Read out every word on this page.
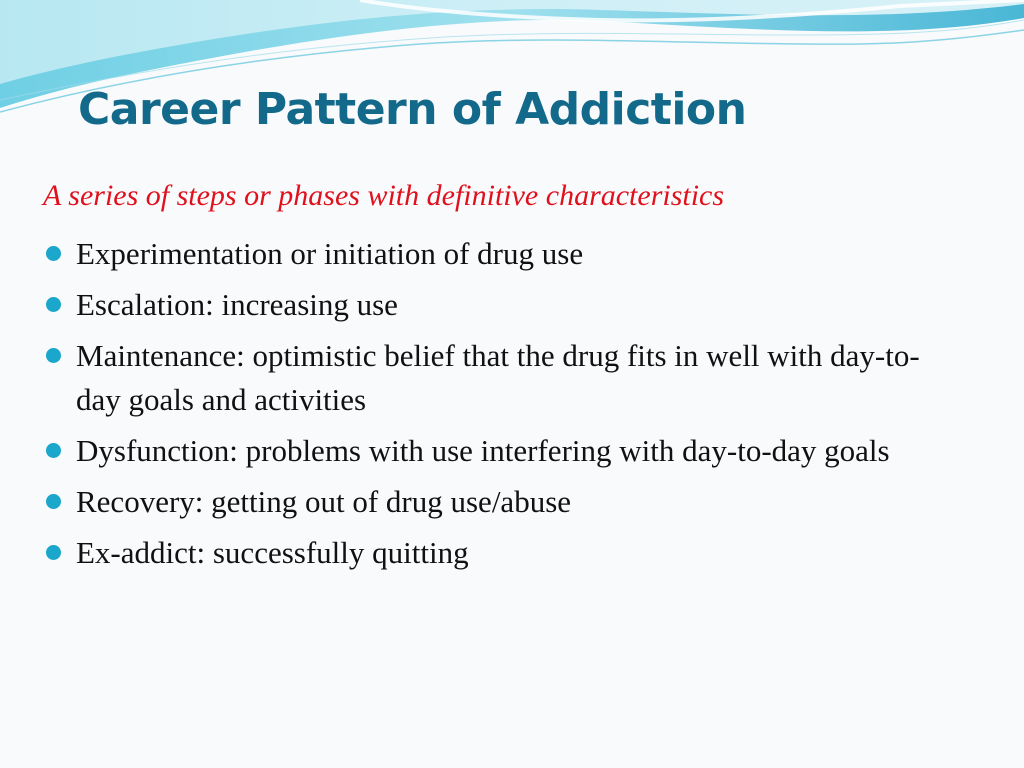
Career Pattern of Addiction

A series of steps or phases with definitive characteristics

Experimentation or initiation of drug use
Escalation: increasing use
Maintenance: optimistic belief that the drug fits in well with day-to-day goals and activities
Dysfunction: problems with use interfering with day-to-day goals
Recovery: getting out of drug use/abuse
Ex-addict: successfully quitting
